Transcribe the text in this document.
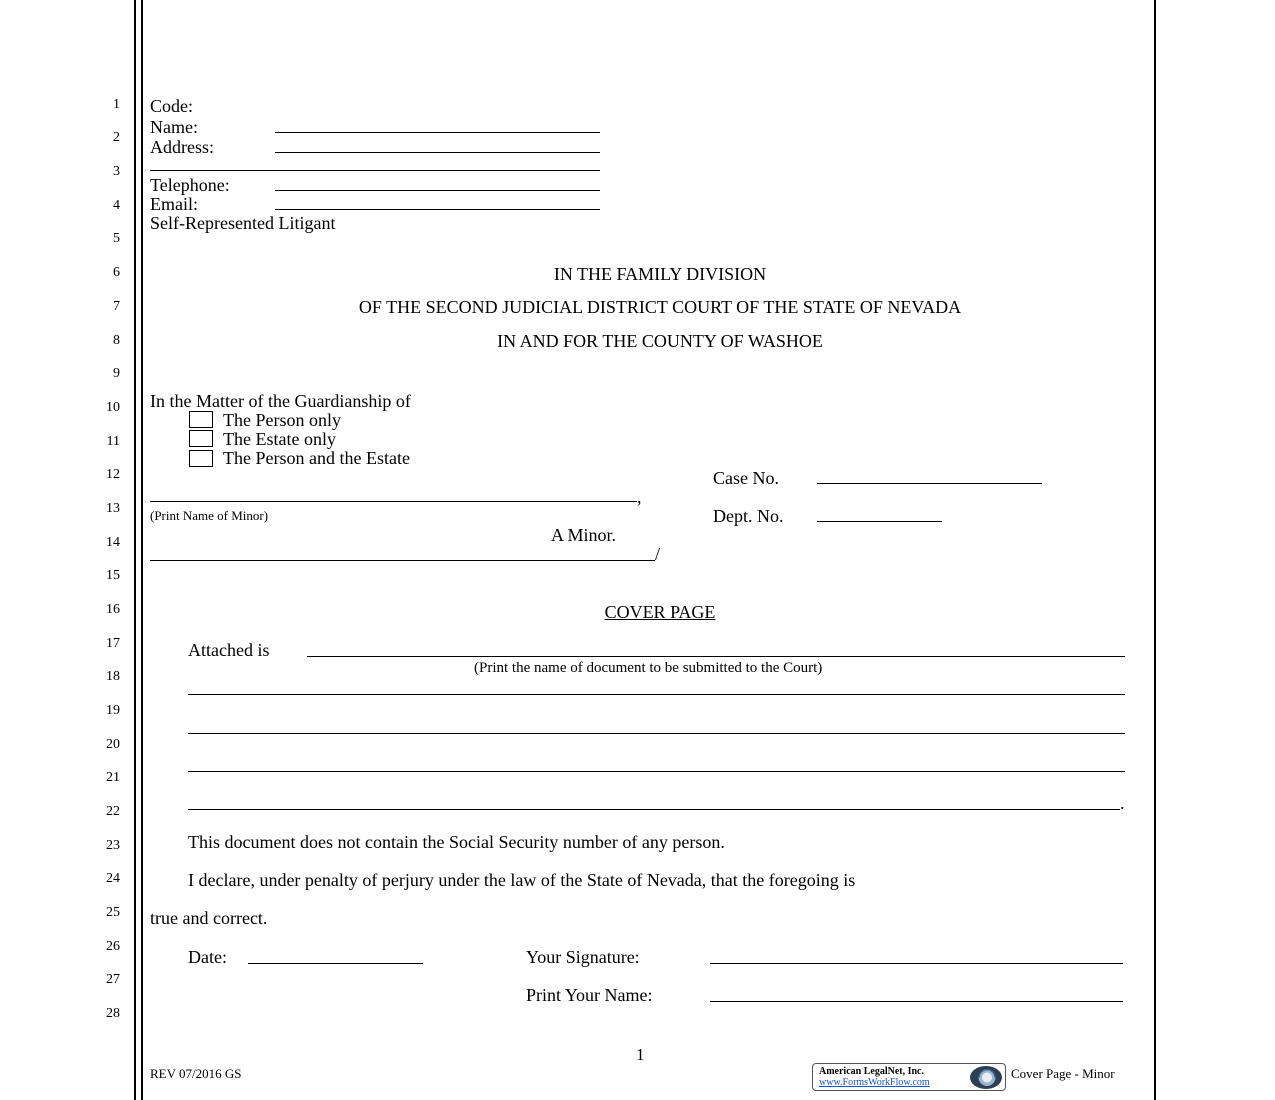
1
2
3
4
5
6
7
8
9
10
11
12
13
14
15
16
17
18
19
20
21
22
23
24
25
26
27
28
Code:
Name:
Address:
Telephone:
Email:
Self-Represented Litigant
IN THE FAMILY DIVISION
OF THE SECOND JUDICIAL DISTRICT COURT OF THE STATE OF NEVADA
IN AND FOR THE COUNTY OF WASHOE
In the Matter of the Guardianship of
The Person only
The Estate only
The Person and the Estate
Case No.
,
(Print Name of Minor)	Dept. No.
A Minor.
/
COVER PAGE
Attached is
(Print the name of document to be submitted to the Court)
.
This document does not contain the Social Security number of any person.
I declare, under penalty of perjury under the law of the State of Nevada, that the foregoing is
true and correct.
Date:	Your Signature:
Print Your Name:
1
REV 07/2016 GS	American LegalNet, Inc.
www.FormsWorkFlow.com
Cover Page - Minor
